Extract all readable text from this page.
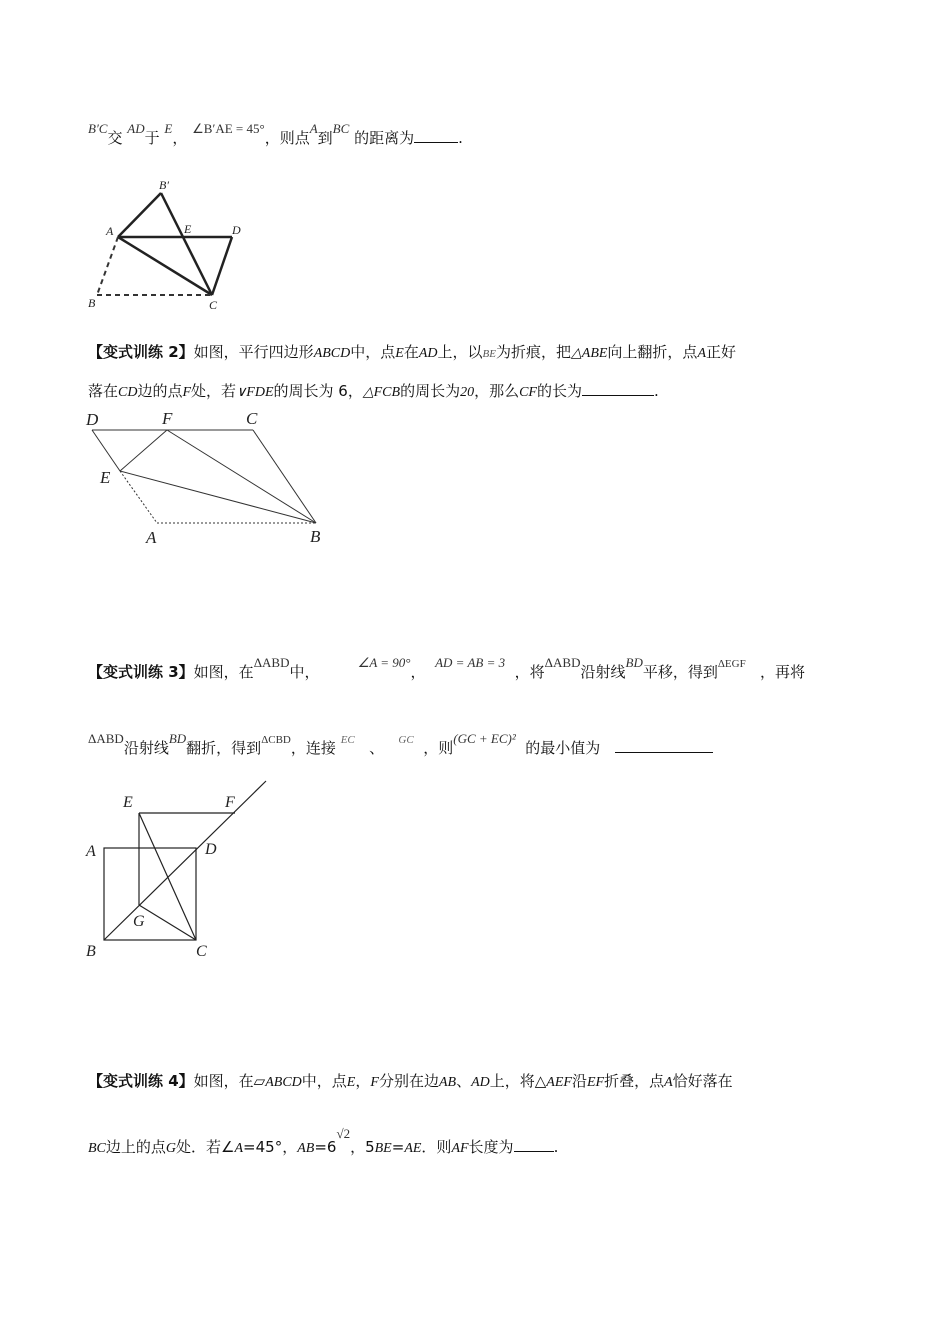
B′C交 AD于 E， ∠B′AE = 45°，则点A到BC 的距离为	.
A
B′
E	D
B	C
【变式训练 2】如图，平行四边形ABCD中，点E在AD上，以BE为折痕，把△ABE向上翻折，点A正好
落在CD边的点F处，若∨FDE的周长为 6，△FCB的周长为20，那么CF的长为	.
D	F	C
E
A	B
【变式训练 3】如图，在ΔABD中，        ∠A = 90°，  AD = AB = 3  ，将ΔABD沿射线BD平移，得到$^{\Delta EGF}$ ，再将
ΔABD沿射线BD翻折，得到$^{\Delta CBD}$，连接 $^{EC}$ 、 $^{GC}$ ，则(GC + EC)²  的最小值为
E	F
A	D
G
B	C
【变式训练 4】如图，在▱ABCD中，点E，F分别在边AB、AD上，将△AEF沿EF折叠，点A恰好落在
BC边上的点G处．若∠A=45°，AB=6√2，5BE=AE．则AF长度为	.
